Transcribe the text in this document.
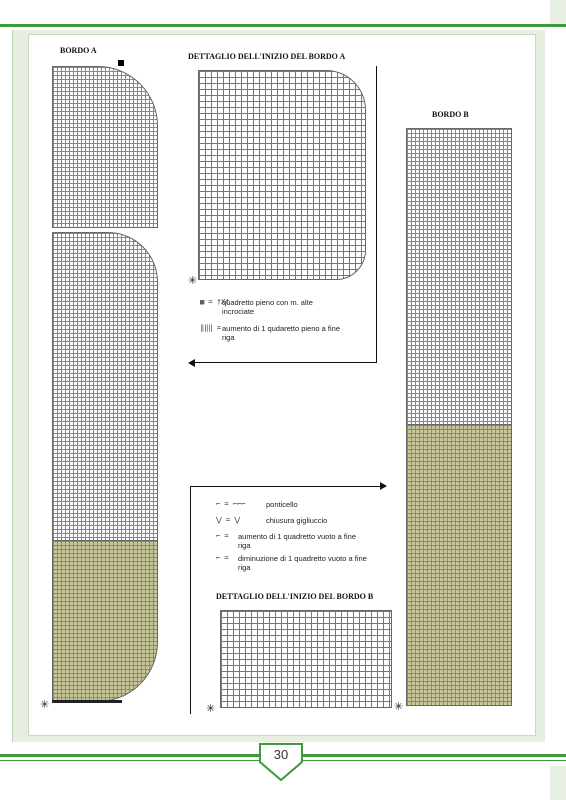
BORDO A
✳
DETTAGLIO DELL'INIZIO DEL BORDO A
✳
▩ = †X†quadretto pieno con m. alte incrociate
‖‖‖ =aumento di 1 qudaretto pieno a fine riga
⌐ = ⌐⌐⌐	ponticello
⋁ = ⋁	chiusura gigliuccio
⌐ = aumento di 1 quadretto vuoto a fine riga
⌐ = diminuzione di 1 quadretto vuoto a fine riga
DETTAGLIO DELL'INIZIO DEL BORDO B
✳
BORDO B
✳
30
